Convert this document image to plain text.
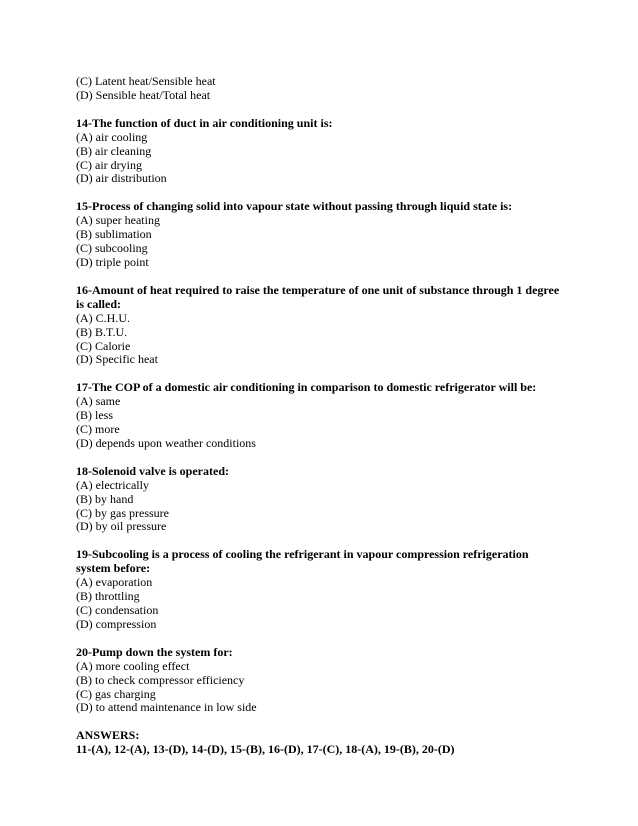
(C) Latent heat/Sensible heat
(D) Sensible heat/Total heat
14-The function of duct in air conditioning unit is:
(A) air cooling
(B) air cleaning
(C) air drying
(D) air distribution
15-Process of changing solid into vapour state without passing through liquid state is:
(A) super heating
(B) sublimation
(C) subcooling
(D) triple point
16-Amount of heat required to raise the temperature of one unit of substance through 1 degree
is called:
(A) C.H.U.
(B) B.T.U.
(C) Calorie
(D) Specific heat
17-The COP of a domestic air conditioning in comparison to domestic refrigerator will be:
(A) same
(B) less
(C) more
(D) depends upon weather conditions
18-Solenoid valve is operated:
(A) electrically
(B) by hand
(C) by gas pressure
(D) by oil pressure
19-Subcooling is a process of cooling the refrigerant in vapour compression refrigeration
system before:
(A) evaporation
(B) throttling
(C) condensation
(D) compression
20-Pump down the system for:
(A) more cooling effect
(B) to check compressor efficiency
(C) gas charging
(D) to attend maintenance in low side
ANSWERS:
11-(A), 12-(A), 13-(D), 14-(D), 15-(B), 16-(D), 17-(C), 18-(A), 19-(B), 20-(D)
